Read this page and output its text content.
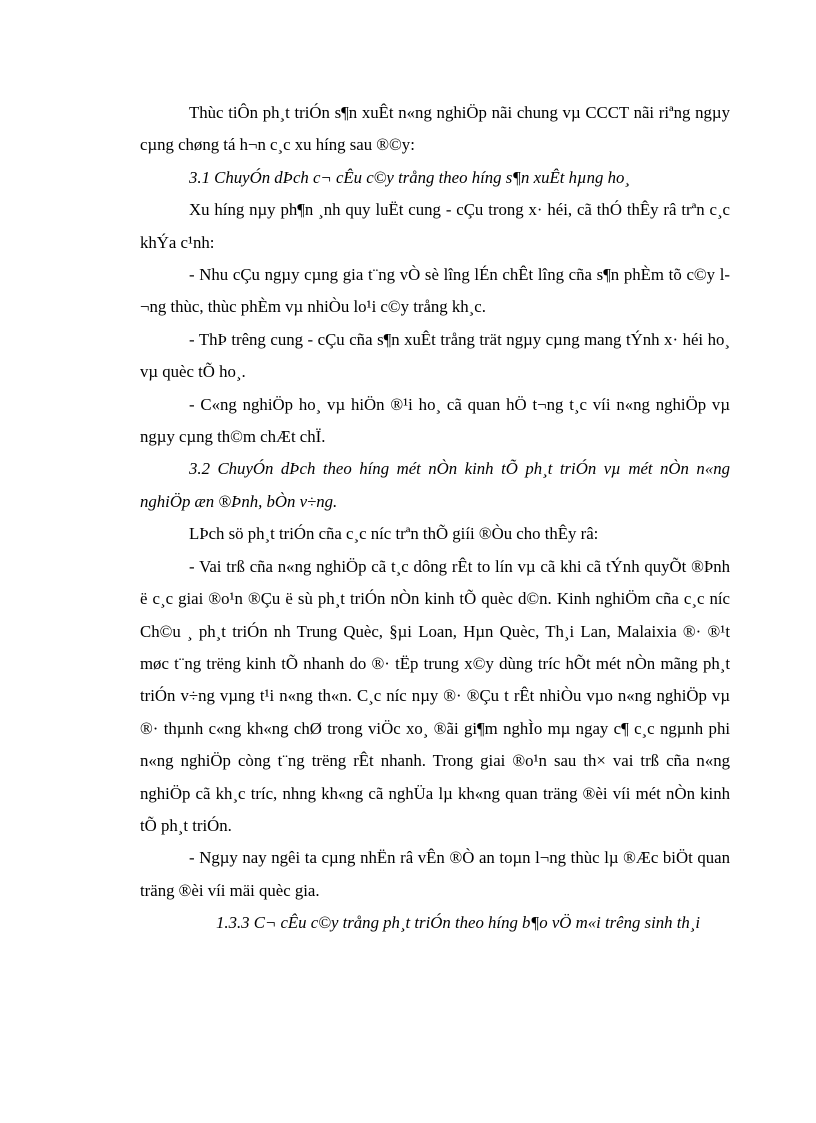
Thùc tiÔn ph¸t triÓn s¶n xuÊt n«ng nghiÖp nãi chung vµ CCCT nãi riªng ngµy cµng chøng tá h¬n c¸c xu híng sau ®©y:

3.1 ChuyÓn dÞch c¬ cÊu c©y trång theo híng s¶n xuÊt hµng ho¸

Xu híng nµy ph¶n ¸nh quy luËt cung - cÇu trong x· héi, cã thÓ thÊy râ trªn c¸c khÝa c¹nh:

- Nhu cÇu ngµy cµng gia t¨ng vÒ sè lîng lÉn chÊt lîng cña s¶n phÈm tõ c©y l¬ng thùc, thùc phÈm vµ nhiÒu lo¹i c©y trång kh¸c.

- ThÞ trêng cung - cÇu cña s¶n xuÊt trång trät ngµy cµng mang tÝnh x· héi ho¸ vµ quèc tÕ ho¸.

- C«ng nghiÖp ho¸ vµ hiÖn ®¹i ho¸ cã quan hÖ t¬ng t¸c víi n«ng nghiÖp vµ ngµy cµng th©m chÆt chÏ.

3.2 ChuyÓn dÞch theo híng mét nÒn kinh tÕ ph¸t triÓn vµ mét nÒn n«ng nghiÖp æn ®Þnh, bÒn v÷ng.

LÞch sö ph¸t triÓn cña c¸c níc trªn thÕ giíi ®Òu cho thÊy râ:

- Vai trß cña n«ng nghiÖp cã t¸c dông rÊt to lín vµ cã khi cã tÝnh quyÕt ®Þnh ë c¸c giai ®o¹n ®Çu ë sù ph¸t triÓn nÒn kinh tÕ quèc d©n. Kinh nghiÖm cña c¸c níc Ch©u ¸ ph¸t triÓn nh Trung Quèc, §µi Loan, Hµn Quèc, Th¸i Lan, Malaixia ®· ®¹t møc t¨ng trëng kinh tÕ nhanh do ®· tËp trung x©y dùng tríc hÕt mét nÒn mãng ph¸t triÓn v÷ng vµng t¹i n«ng th«n. C¸c níc nµy ®· ®Çu t rÊt nhiÒu vµo n«ng nghiÖp vµ ®· thµnh c«ng kh«ng chØ trong viÖc xo¸ ®ãi gi¶m nghÌo mµ ngay c¶ c¸c ngµnh phi n«ng nghiÖp còng t¨ng trëng rÊt nhanh. Trong giai ®o¹n sau th× vai trß cña n«ng nghiÖp cã kh¸c tríc, nhng kh«ng cã nghÜa lµ kh«ng quan träng ®èi víi mét nÒn kinh tÕ ph¸t triÓn.

- Ngµy nay ngêi ta cµng nhËn râ vÊn ®Ò an toµn l¬ng thùc lµ ®Æc biÖt quan träng ®èi víi mäi quèc gia.

1.3.3 C¬ cÊu c©y trång ph¸t triÓn theo híng b¶o vÖ m«i trêng sinh th¸i
